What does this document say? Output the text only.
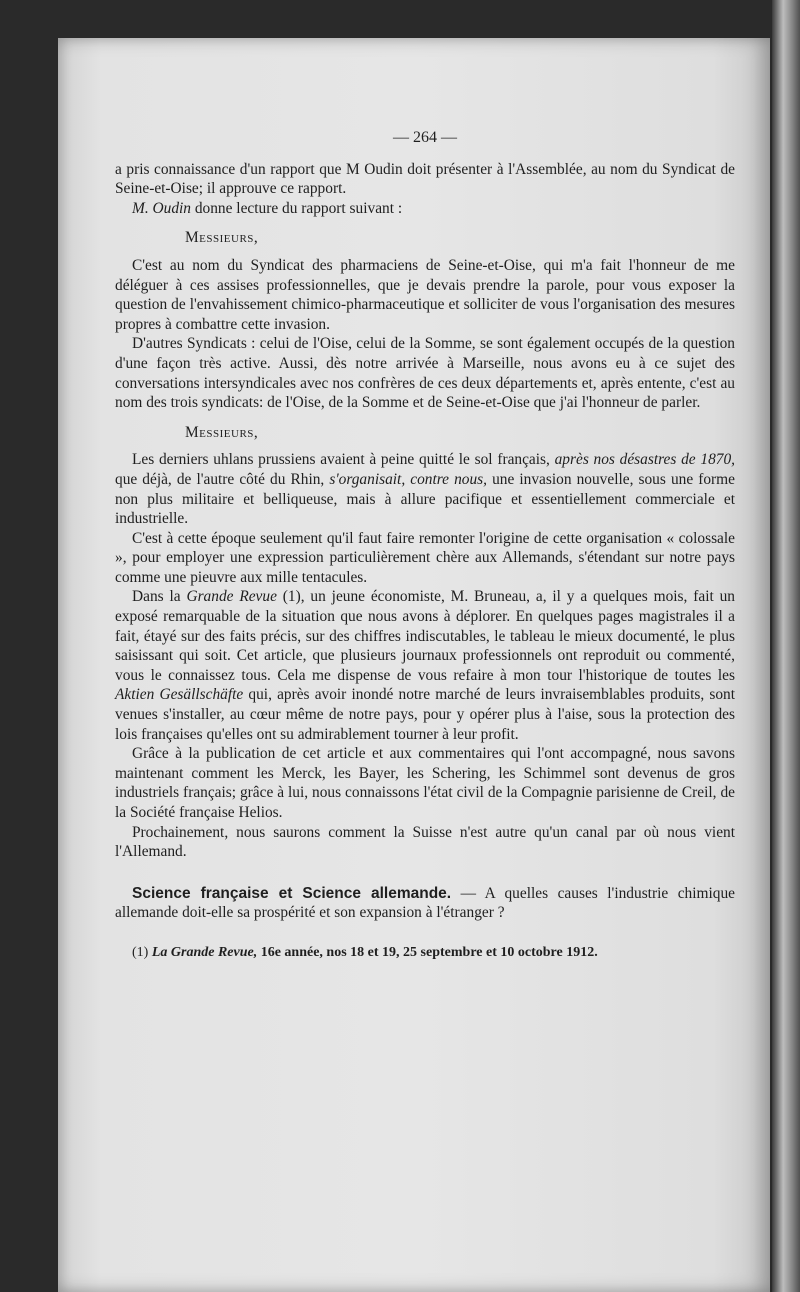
— 264 —

a pris connaissance d'un rapport que M Oudin doit présenter à l'Assemblée, au nom du Syndicat de Seine-et-Oise; il approuve ce rapport.

M. Oudin donne lecture du rapport suivant :

Messieurs,

C'est au nom du Syndicat des pharmaciens de Seine-et-Oise, qui m'a fait l'honneur de me déléguer à ces assises professionnelles, que je devais prendre la parole, pour vous exposer la question de l'envahissement chimico-pharmaceutique et solliciter de vous l'organisation des mesures propres à combattre cette invasion.

D'autres Syndicats : celui de l'Oise, celui de la Somme, se sont également occupés de la question d'une façon très active. Aussi, dès notre arrivée à Marseille, nous avons eu à ce sujet des conversations intersyndicales avec nos confrères de ces deux départements et, après entente, c'est au nom des trois syndicats: de l'Oise, de la Somme et de Seine-et-Oise que j'ai l'honneur de parler.

Messieurs,

Les derniers uhlans prussiens avaient à peine quitté le sol français, après nos désastres de 1870, que déjà, de l'autre côté du Rhin, s'organisait, contre nous, une invasion nouvelle, sous une forme non plus militaire et belliqueuse, mais à allure pacifique et essentiellement commerciale et industrielle.

C'est à cette époque seulement qu'il faut faire remonter l'origine de cette organisation « colossale », pour employer une expression particulièrement chère aux Allemands, s'étendant sur notre pays comme une pieuvre aux mille tentacules.

Dans la Grande Revue (1), un jeune économiste, M. Bruneau, a, il y a quelques mois, fait un exposé remarquable de la situation que nous avons à déplorer. En quelques pages magistrales il a fait, étayé sur des faits précis, sur des chiffres indiscutables, le tableau le mieux documenté, le plus saisissant qui soit. Cet article, que plusieurs journaux professionnels ont reproduit ou commenté, vous le connaissez tous. Cela me dispense de vous refaire à mon tour l'historique de toutes les Aktien Gesällschäfte qui, après avoir inondé notre marché de leurs invraisemblables produits, sont venues s'installer, au cœur même de notre pays, pour y opérer plus à l'aise, sous la protection des lois françaises qu'elles ont su admirablement tourner à leur profit.

Grâce à la publication de cet article et aux commentaires qui l'ont accompagné, nous savons maintenant comment les Merck, les Bayer, les Schering, les Schimmel sont devenus de gros industriels français; grâce à lui, nous connaissons l'état civil de la Compagnie parisienne de Creil, de la Société française Helios.

Prochainement, nous saurons comment la Suisse n'est autre qu'un canal par où nous vient l'Allemand.

Science française et Science allemande. — A quelles causes l'industrie chimique allemande doit-elle sa prospérité et son expansion à l'étranger ?

(1) La Grande Revue, 16e année, nos 18 et 19, 25 septembre et 10 octobre 1912.
